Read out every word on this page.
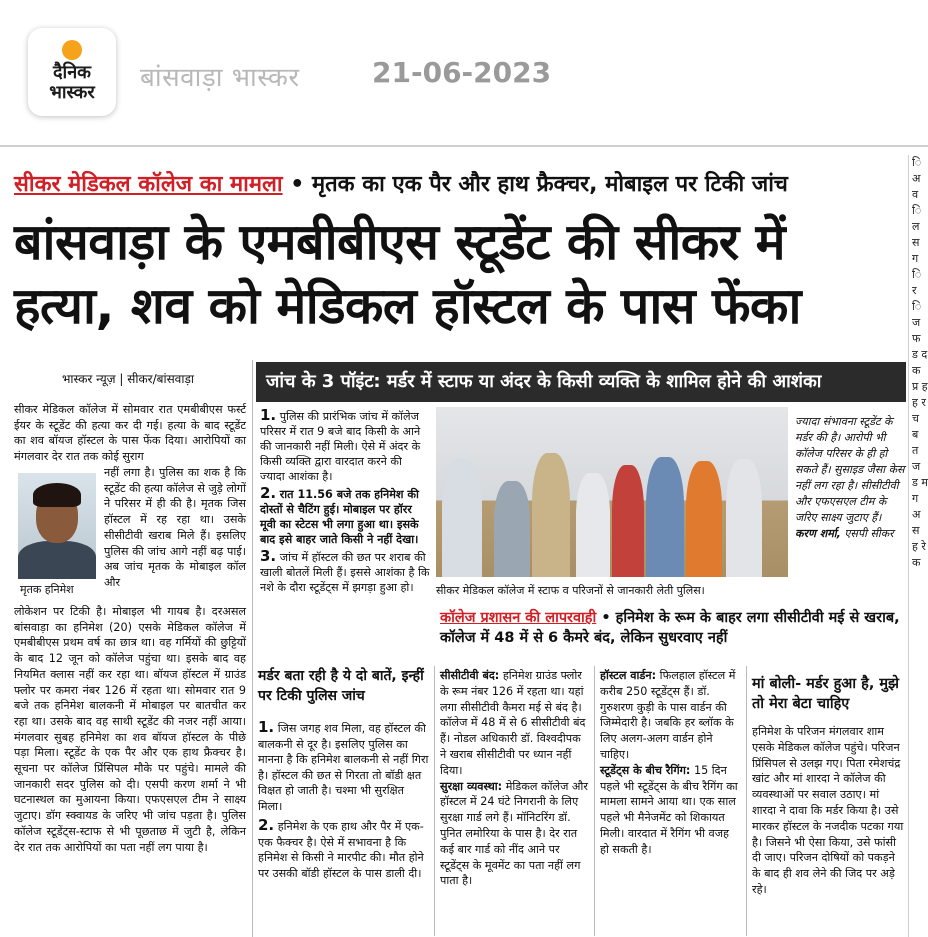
दैनिक
भास्कर	बांसवाड़ा भास्कर	21-06-2023
सीकर मेडिकल कॉलेज का मामला • मृतक का एक पैर और हाथ फ्रैक्चर, मोबाइल पर टिकी जांच
बांसवाड़ा के एमबीबीएस स्टूडेंट की सीकर में
हत्या, शव को मेडिकल हॉस्टल के पास फेंका
भास्कर न्यूज़ | सीकर/बांसवाड़ा
सीकर मेडिकल कॉलेज में सोमवार रात एमबीबीएस फर्स्ट ईयर के स्टूडेंट की हत्या कर दी गई। हत्या के बाद स्टूडेंट का शव बॉयज हॉस्टल के पास फेंक दिया। आरोपियों का मंगलवार देर रात तक कोई सुराग
नहीं लगा है। पुलिस का शक है कि स्टूडेंट की हत्या कॉलेज से जुड़े लोगों ने परिसर में ही की है। मृतक जिस हॉस्टल में रह रहा था। उसके सीसीटीवी खराब मिले हैं। इसलिए पुलिस की जांच आगे नहीं बढ़ पाई। अब जांच मृतक के मोबाइल कॉल और
मृतक हनिमेश
लोकेशन पर टिकी है। मोबाइल भी गायब है। दरअसल बांसवाड़ा का हनिमेश (20) एसके मेडिकल कॉलेज में एमबीबीएस प्रथम वर्ष का छात्र था। वह गर्मियों की छुट्टियों के बाद 12 जून को कॉलेज पहुंचा था। इसके बाद वह नियमित क्लास नहीं कर रहा था। बॉयज हॉस्टल में ग्राउंड फ्लोर पर कमरा नंबर 126 में रहता था। सोमवार रात 9 बजे तक हनिमेश बालकनी में मोबाइल पर बातचीत कर रहा था। उसके बाद वह साथी स्टूडेंट की नजर नहीं आया। मंगलवार सुबह हनिमेश का शव बॉयज हॉस्टल के पीछे पड़ा मिला। स्टूडेंट के एक पैर और एक हाथ फ्रैक्चर है। सूचना पर कॉलेज प्रिंसिपल मौके पर पहुंचे। मामले की जानकारी सदर पुलिस को दी। एसपी करण शर्मा ने भी घटनास्थल का मुआयना किया। एफएसएल टीम ने साक्ष्य जुटाए। डॉग स्क्वायड के जरिए भी जांच पड़ता है। पुलिस कॉलेज स्टूडेंट्स-स्टाफ से भी पूछताछ में जुटी है, लेकिन देर रात तक आरोपियों का पता नहीं लग पाया है।
जांच के 3 पॉइंट: मर्डर में स्टाफ या अंदर के किसी व्यक्ति के शामिल होने की आशंका
1. पुलिस की प्रारंभिक जांच में कॉलेज परिसर में रात 9 बजे बाद किसी के आने की जानकारी नहीं मिली। ऐसे में अंदर के किसी व्यक्ति द्वारा वारदात करने की ज्यादा आशंका है।
2. रात 11.56 बजे तक हनिमेश की दोस्तों से चैटिंग हुई। मोबाइल पर हॉरर मूवी का स्टेटस भी लगा हुआ था। इसके बाद इसे बाहर जाते किसी ने नहीं देखा।
3. जांच में हॉस्टल की छत पर शराब की खाली बोतलें मिली हैं। इससे आशंका है कि नशे के दौरा स्टूडेंट्स में झगड़ा हुआ हो।	सीकर मेडिकल कॉलेज में स्टाफ व परिजनों से जानकारी लेती पुलिस।
ज्यादा संभावना स्टूडेंट के मर्डर की है। आरोपी भी कॉलेज परिसर के ही हो सकते हैं। सुसाइड जैसा केस नहीं लग रहा है। सीसीटीवी और एफएसएल टीम के जरिए साक्ष्य जुटाए हैं।
करण शर्मा, एसपी सीकर
कॉलेज प्रशासन की लापरवाही • हनिमेश के रूम के बाहर लगा सीसीटीवी मई से खराब, कॉलेज में 48 में से 6 कैमरे बंद, लेकिन सुधरवाए नहीं
मर्डर बता रही है ये दो बातें, इन्हीं पर टिकी पुलिस जांच
1. जिस जगह शव मिला, वह हॉस्टल की बालकनी से दूर है। इसलिए पुलिस का मानना है कि हनिमेश बालकनी से नहीं गिरा है। हॉस्टल की छत से गिरता तो बॉडी क्षत विक्षत हो जाती है। चश्मा भी सुरक्षित मिला।
2. हनिमेश के एक हाथ और पैर में एक-एक फैक्चर है। ऐसे में सभावना है कि हनिमेश से किसी ने मारपीट की। मौत होने पर उसकी बॉडी हॉस्टल के पास डाली दी।
सीसीटीवी बंद: हनिमेश ग्राउंड फ्लोर के रूम नंबर 126 में रहता था। यहां लगा सीसीटीवी कैमरा मई से बंद है। कॉलेज में 48 में से 6 सीसीटीवी बंद हैं। नोडल अधिकारी डॉ. विश्वदीपक ने खराब सीसीटीवी पर ध्यान नहीं दिया।
सुरक्षा व्यवस्था: मेडिकल कॉलेज और हॉस्टल में 24 घंटे निगरानी के लिए सुरक्षा गार्ड लगे हैं। मॉनिटरिंग डॉ. पुनित लमोरिया के पास है। देर रात कई बार गार्ड को नींद आने पर स्टूडेंट्स के मूवमेंट का पता नहीं लग पाता है।
हॉस्टल वार्डन: फिलहाल हॉस्टल में करीब 250 स्टूडेंट्स हैं। डॉ. गुरुशरण कुड़ी के पास वार्डन की जिम्मेदारी है। जबकि हर ब्लॉक के लिए अलग-अलग वार्डन होने चाहिए।
स्टूडेंट्स के बीच रैगिंग: 15 दिन पहले भी स्टूडेंट्स के बीच रैगिंग का मामला सामने आया था। एक साल पहले भी मैनेजमेंट को शिकायत मिली। वारदात में रैगिंग भी वजह हो सकती है।
मां बोली- मर्डर हुआ है, मुझे तो मेरा बेटा चाहिए
हनिमेश के परिजन मंगलवार शाम एसके मेडिकल कॉलेज पहुंचे। परिजन प्रिंसिपल से उलझ गए। पिता रमेशचंद्र खांट और मां शारदा ने कॉलेज की व्यवस्थाओं पर सवाल उठाए। मां शारदा ने दावा कि मर्डर किया है। उसे मारकर हॉस्टल के नजदीक पटका गया है। जिसने भी ऐसा किया, उसे फांसी दी जाए। परिजन दोषियों को पकड़ने के बाद ही शव लेने की जिद पर अड़े रहे।
ि अ व ि ल स ग ि र ि ज फ ड द क प्र ह ह र च ब त ज ड म ग अ स ह रे क
